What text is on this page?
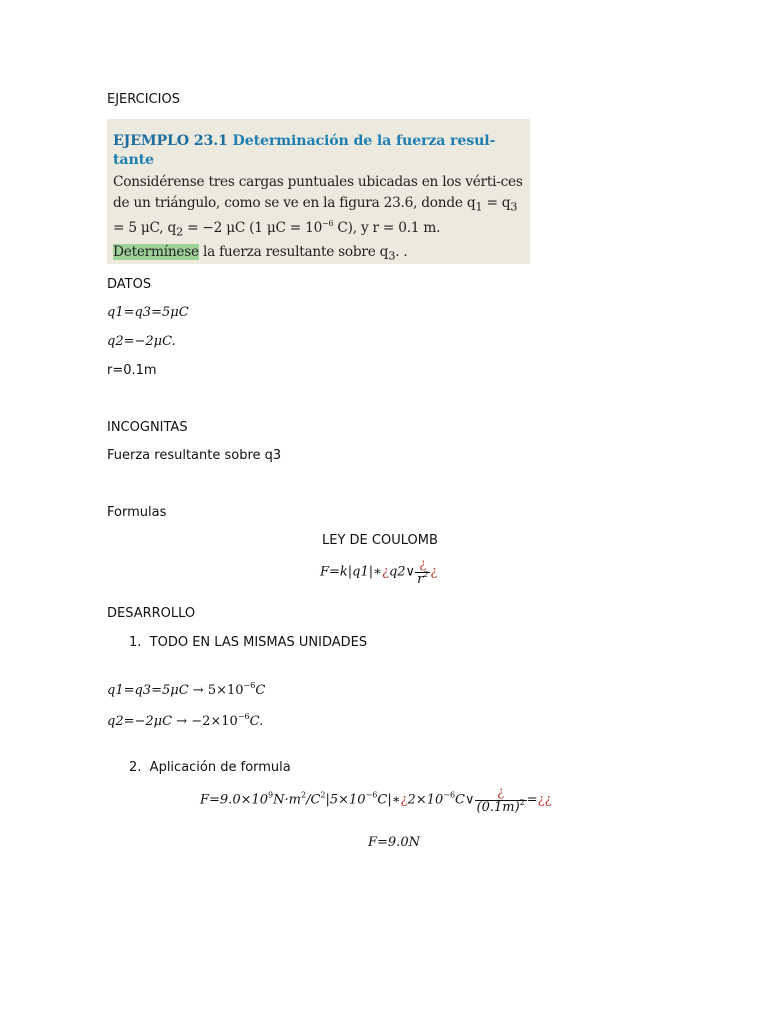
EJERCICIOS
EJEMPLO 23.1 Determinación de la fuerza resul-tante
Considérense tres cargas puntuales ubicadas en los vérti-ces de un triángulo, como se ve en la figura 23.6, donde $q_1 = q_3 = 5$ μC, $q_2 = -2$ μC (1 $\mu C = 10^{-6}$ C), y r = 0.1 m. Determínese la fuerza resultante sobre $q_3$. .
DATOS
q1=q3=5μC
q2=−2μC.
r=0.1m
INCOGNITAS
Fuerza resultante sobre q3
Formulas
LEY DE COULOMB
F=k|q1|∗¿q2∨ $\frac{¿}{r^2}$ ¿
DESARROLLO
1. TODO EN LAS MISMAS UNIDADES
$q1=q3=5\mu C \to 5\times 10^{-6}C$
$q2=-2\mu C \to -2\times 10^{-6}C$.
2. Aplicación de formula
$F=9.0\times 10^9N\cdot m^2/C^2|5\times 10^{-6}C|∗¿2\times 10^{-6}C\vee \frac{¿}{(0.1m)^2}$ =¿¿
F=9.0N
